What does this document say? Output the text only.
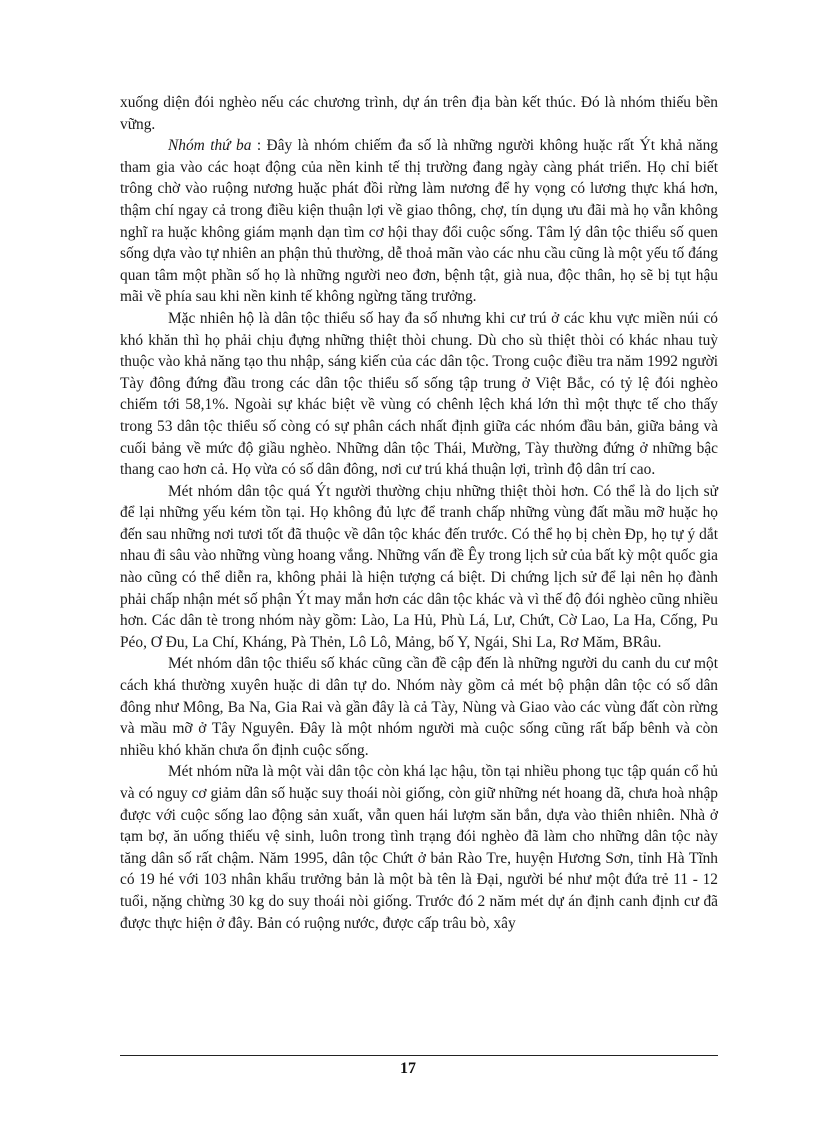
xuống diện đói nghèo nếu các chương trình, dự án trên địa bàn kết thúc. Đó là nhóm thiếu bền vững.

Nhóm thứ ba : Đây là nhóm chiếm đa số là những người không huặc rất Ýt khả năng tham gia vào các hoạt động của nền kinh tế thị trường đang ngày càng phát triển. Họ chỉ biết trông chờ vào ruộng nương huặc phát đồi rừng làm nương để hy vọng có lương thực khá hơn, thậm chí ngay cả trong điều kiện thuận lợi về giao thông, chợ, tín dụng ưu đãi mà họ vẫn không nghĩ ra huặc không giám mạnh dạn tìm cơ hội thay đổi cuộc sống. Tâm lý dân tộc thiểu số quen sống dựa vào tự nhiên an phận thủ thường, dễ thoả mãn vào các nhu cầu cũng là một yếu tố đáng quan tâm một phần số họ là những người neo đơn, bệnh tật, già nua, độc thân, họ sẽ bị tụt hậu mãi về phía sau khi nền kinh tế không ngừng tăng trưởng.

Mặc nhiên hộ là dân tộc thiểu số hay đa số nhưng khi cư trú ở các khu vực miền núi có khó khăn thì họ phải chịu đựng những thiệt thòi chung. Dù cho sù thiệt thòi có khác nhau tuỳ thuộc vào khả năng tạo thu nhập, sáng kiến của các dân tộc. Trong cuộc điều tra năm 1992 người Tày đông đứng đầu trong các dân tộc thiểu số sống tập trung ở Việt Bắc, có tỷ lệ đói nghèo chiếm tới 58,1%. Ngoài sự khác biệt về vùng có chênh lệch khá lớn thì một thực tế cho thấy trong 53 dân tộc thiểu số còng có sự phân cách nhất định giữa các nhóm đầu bản, giữa bảng và cuối bảng về mức độ giầu nghèo. Những dân tộc Thái, Mường, Tày thường đứng ở những bậc thang cao hơn cả. Họ vừa có số dân đông, nơi cư trú khá thuận lợi, trình độ dân trí cao.

Mét nhóm dân tộc quá Ýt người thường chịu những thiệt thòi hơn. Có thể là do lịch sử để lại những yếu kém tồn tại. Họ không đủ lực để tranh chấp những vùng đất mầu mỡ huặc họ đến sau những nơi tươi tốt đã thuộc về dân tộc khác đến trước. Có thể họ bị chèn Ðp, họ tự ý dắt nhau đi sâu vào những vùng hoang vắng. Những vấn đề Êy trong lịch sử của bất kỳ một quốc gia nào cũng có thể diễn ra, không phải là hiện tượng cá biệt. Di chứng lịch sử để lại nên họ đành phải chấp nhận mét số phận Ýt may mắn hơn các dân tộc khác và vì thế độ đói nghèo cũng nhiều hơn. Các dân tè trong nhóm này gồm: Lào, La Hủ, Phù Lá, Lư, Chứt, Cờ Lao, La Ha, Cống, Pu Péo, Ơ Đu, La Chí, Kháng, Pà Thẻn, Lô Lô, Mảng, bố Y, Ngái, Shi La, Rơ Măm, BRâu.

Mét nhóm dân tộc thiểu số khác cũng cần đề cập đến là những người du canh du cư một cách khá thường xuyên huặc di dân tự do. Nhóm này gồm cả mét bộ phận dân tộc có số dân đông như Mông, Ba Na, Gia Rai và gần đây là cả Tày, Nùng và Giao vào các vùng đất còn rừng và mầu mỡ ở Tây Nguyên. Đây là một nhóm người mà cuộc sống cũng rất bấp bênh và còn nhiều khó khăn chưa ổn định cuộc sống.

Mét nhóm nữa là một vài dân tộc còn khá lạc hậu, tồn tại nhiều phong tục tập quán cổ hủ và có nguy cơ giảm dân số huặc suy thoái nòi giống, còn giữ những nét hoang dã, chưa hoà nhập được với cuộc sống lao động sản xuất, vẫn quen hái lượm săn bắn, dựa vào thiên nhiên. Nhà ở tạm bợ, ăn uống thiếu vệ sinh, luôn trong tình trạng đói nghèo đã làm cho những dân tộc này tăng dân số rất chậm. Năm 1995, dân tộc Chứt ở bản Rào Tre, huyện Hương Sơn, tỉnh Hà Tĩnh có 19 hé với 103 nhân khẩu trưởng bản là một bà tên là Đại, người bé như một đứa trẻ 11 - 12 tuổi, nặng chừng 30 kg do suy thoái nòi giống. Trước đó 2 năm mét dự án định canh định cư đã được thực hiện ở đây. Bản có ruộng nước, được cấp trâu bò, xây

17
